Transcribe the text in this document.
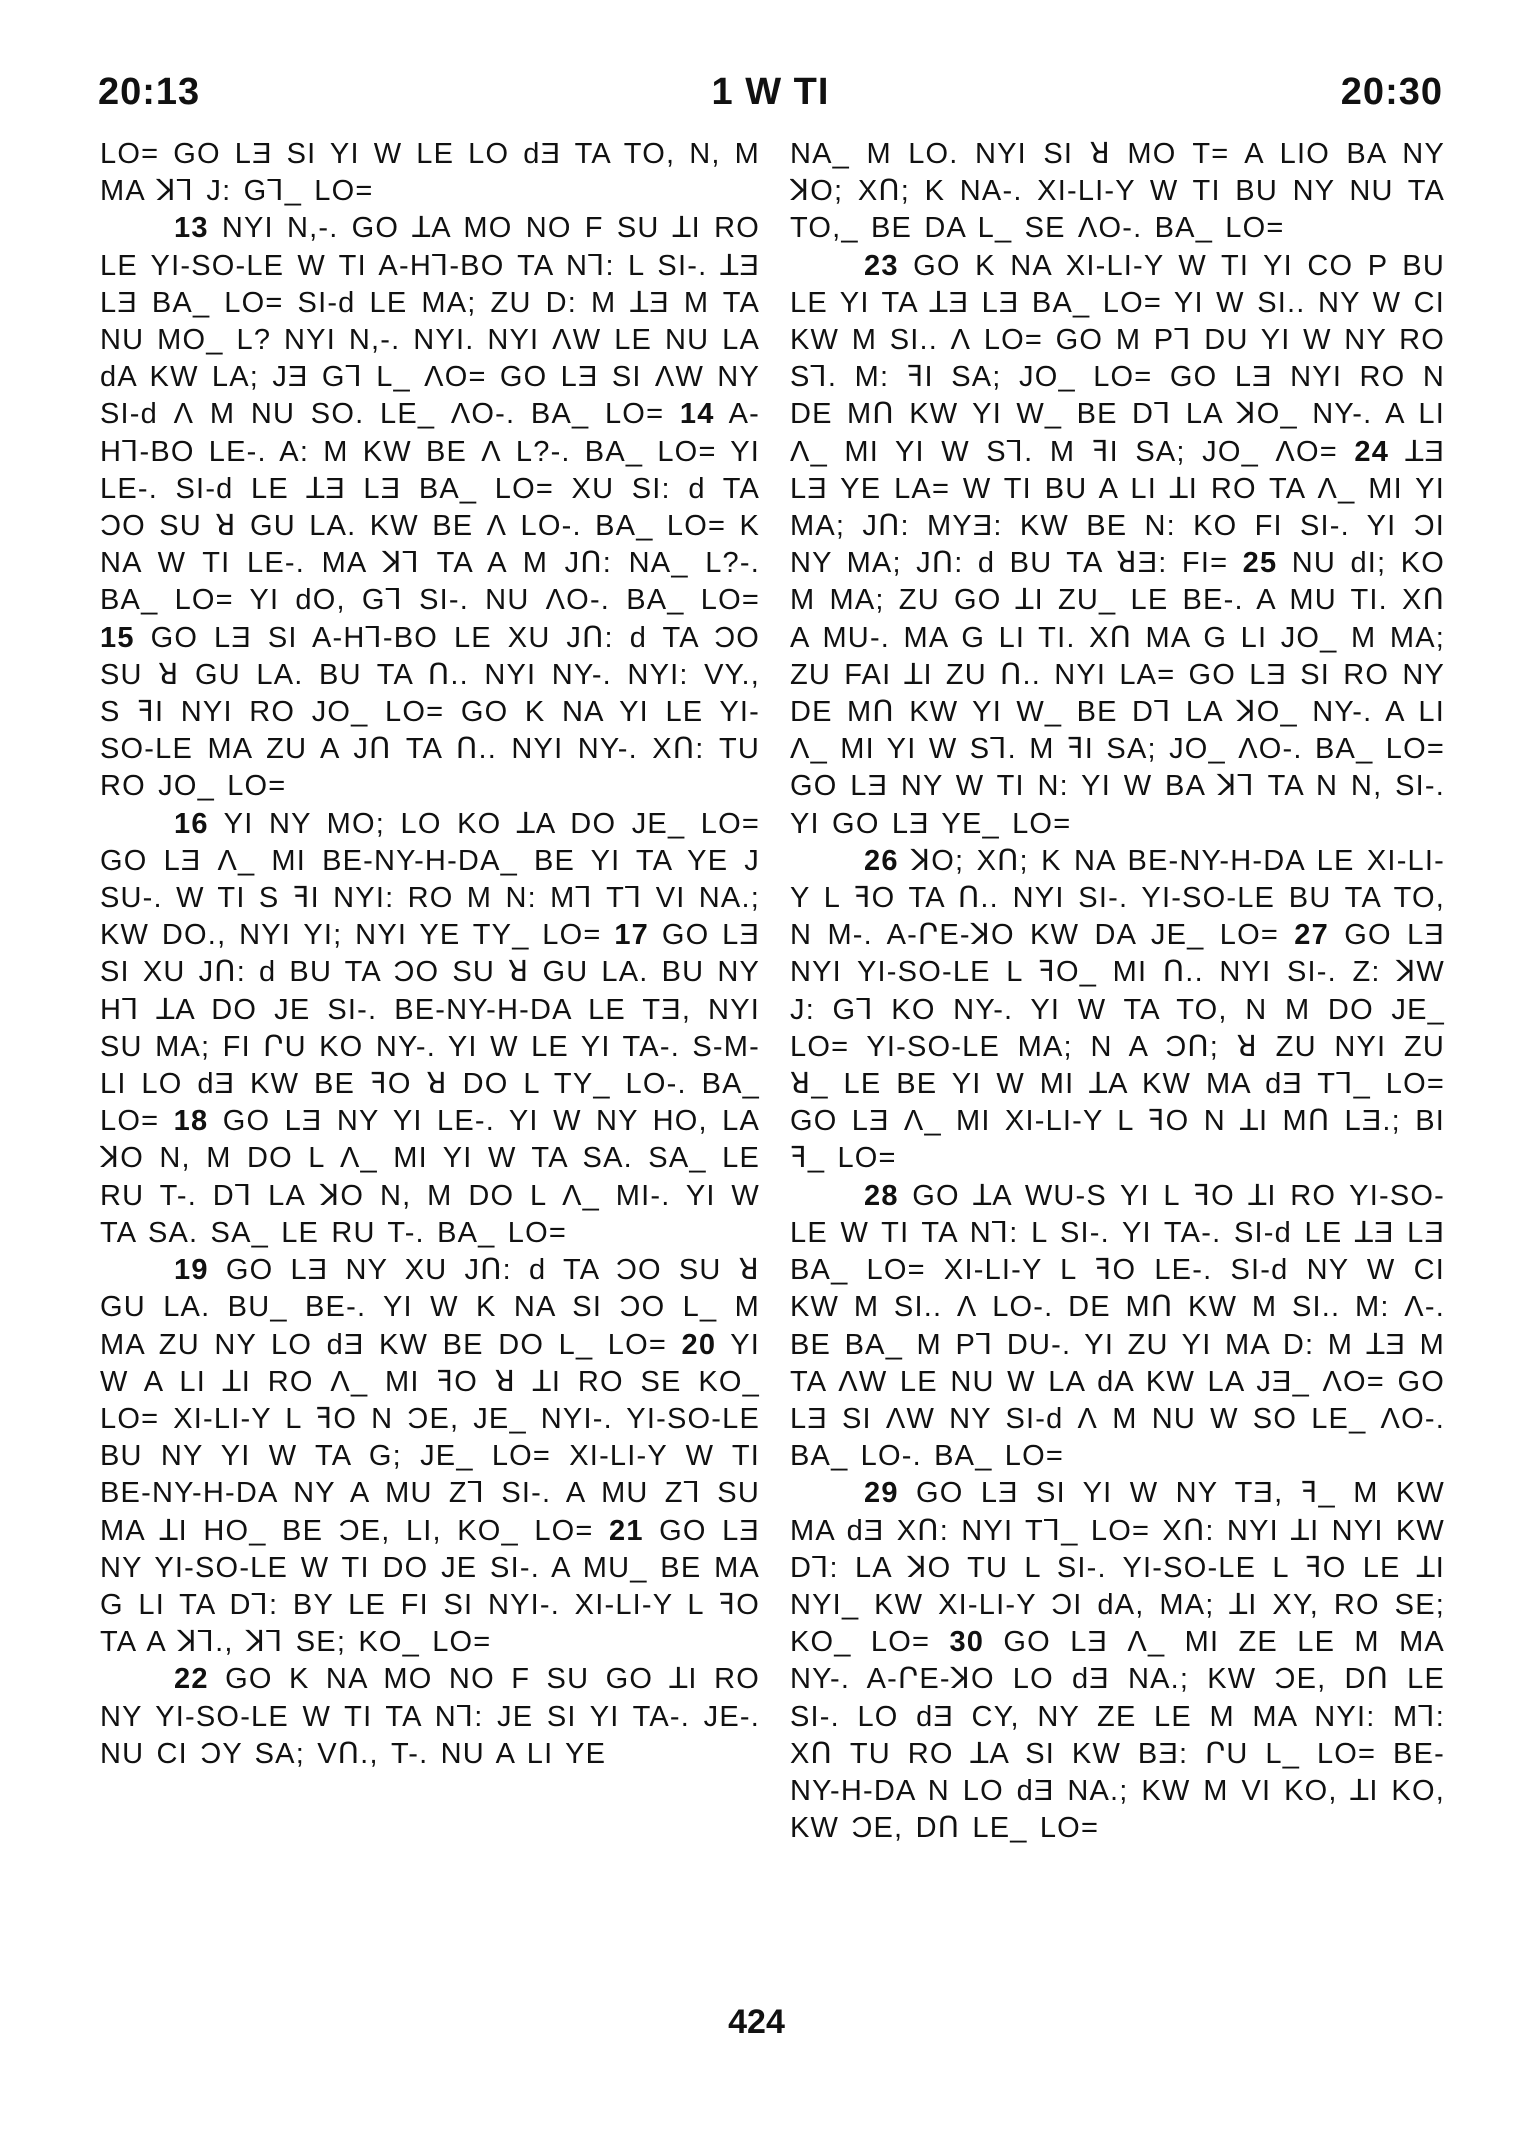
20:13	1 W TI	20:30

LO= GO LƎ SI YI W LE LO dƎ TA TO, N, M MA ꓘꓶ J: Gꓶ_ LO=

13 NYI N,-. GO ꓕA MO NO F SU ꓕI RO LE YI-SO-LE W TI A-Hꓶ-BO TA Nꓶ: L SI-. ꓕƎ LƎ BA_ LO= SI-d LE MA; ZU D: M ꓕƎ M TA NU MO_ L? NYI N,-. NYI. NYI ɅW LE NU LA dA KW LA; JƎ Gꓶ L_ ɅO= GO LƎ SI ɅW NY SI-d Ʌ M NU SO. LE_ ɅO-. BA_ LO= 14 A-Hꓶ-BO LE-. A: M KW BE Ʌ L?-. BA_ LO= YI LE-. SI-d LE ꓕƎ LƎ BA_ LO= XU SI: d TA ƆO SU ꓤ GU LA. KW BE Ʌ LO-. BA_ LO= K NA W TI LE-. MA ꓘꓶ TA A M JՈ: NA_ L?-. BA_ LO= YI dO, Gꓶ SI-. NU ɅO-. BA_ LO= 15 GO LƎ SI A-Hꓶ-BO LE XU JՈ: d TA ƆO SU ꓤ GU LA. BU TA Ո.. NYI NY-. NYI: VY., S ꟻI NYI RO JO_ LO= GO K NA YI LE YI-SO-LE MA ZU A JՈ TA Ո.. NYI NY-. XՈ: TU RO JO_ LO=

16 YI NY MO; LO KO ꓕA DO JE_ LO= GO LƎ Ʌ_ MI BE-NY-H-DA_ BE YI TA YE J SU-. W TI S ꟻI NYI: RO M N: Mꓶ Tꓶ VI NA.; KW DO., NYI YI; NYI YE TY_ LO= 17 GO LƎ SI XU JՈ: d BU TA ƆO SU ꓤ GU LA. BU NY Hꓶ ꓕA DO JE SI-. BE-NY-H-DA LE TƎ, NYI SU MA; FI ՐU KO NY-. YI W LE YI TA-. S-M-LI LO dƎ KW BE ꟻO ꓤ DO L TY_ LO-. BA_ LO= 18 GO LƎ NY YI LE-. YI W NY HO, LA ꓘO N, M DO L Ʌ_ MI YI W TA SA. SA_ LE RU T-. Dꓶ LA ꓘO N, M DO L Ʌ_ MI-. YI W TA SA. SA_ LE RU T-. BA_ LO=

19 GO LƎ NY XU JՈ: d TA ƆO SU ꓤ GU LA. BU_ BE-. YI W K NA SI ƆO L_ M MA ZU NY LO dƎ KW BE DO L_ LO= 20 YI W A LI ꓕI RO Ʌ_ MI ꟻO ꓤ ꓕI RO SE KO_ LO= XI-LI-Y L ꟻO N ƆE, JE_ NYI-. YI-SO-LE BU NY YI W TA G; JE_ LO= XI-LI-Y W TI BE-NY-H-DA NY A MU Zꓶ SI-. A MU Zꓶ SU MA ꓕI HO_ BE ƆE, LI, KO_ LO= 21 GO LƎ NY YI-SO-LE W TI DO JE SI-. A MU_ BE MA G LI TA Dꓶ: BY LE FI SI NYI-. XI-LI-Y L ꟻO TA A ꓘꓶ., ꓘꓶ SE; KO_ LO=

22 GO K NA MO NO F SU GO ꓕI RO NY YI-SO-LE W TI TA Nꓶ: JE SI YI TA-. JE-. NU CI ƆY SA; VՈ., T-. NU A LI YE

NA_ M LO. NYI SI ꓤ MO T= A LIO BA NY ꓘO; XՈ; K NA-. XI-LI-Y W TI BU NY NU TA TO,_ BE DA L_ SE ɅO-. BA_ LO=

23 GO K NA XI-LI-Y W TI YI CO P BU LE YI TA ꓕƎ LƎ BA_ LO= YI W SI.. NY W CI KW M SI.. Ʌ LO= GO M Pꓶ DU YI W NY RO Sꓶ. M: ꟻI SA; JO_ LO= GO LƎ NYI RO N DE MՈ KW YI W_ BE Dꓶ LA ꓘO_ NY-. A LI Ʌ_ MI YI W Sꓶ. M ꟻI SA; JO_ ɅO= 24 ꓕƎ LƎ YE LA= W TI BU A LI ꓕI RO TA Ʌ_ MI YI MA; JՈ: MYƎ: KW BE N: KO FI SI-. YI ƆI NY MA; JՈ: d BU TA ꓤƎ: FI= 25 NU dI; KO M MA; ZU GO ꓕI ZU_ LE BE-. A MU TI. XՈ A MU-. MA G LI TI. XՈ MA G LI JO_ M MA; ZU FAI ꓕI ZU Ո.. NYI LA= GO LƎ SI RO NY DE MՈ KW YI W_ BE Dꓶ LA ꓘO_ NY-. A LI Ʌ_ MI YI W Sꓶ. M ꟻI SA; JO_ ɅO-. BA_ LO= GO LƎ NY W TI N: YI W BA ꓘꓶ TA N N, SI-. YI GO LƎ YE_ LO=

26 ꓘO; XՈ; K NA BE-NY-H-DA LE XI-LI-Y L ꟻO TA Ո.. NYI SI-. YI-SO-LE BU TA TO, N M-. A-ՐE-ꓘO KW DA JE_ LO= 27 GO LƎ NYI YI-SO-LE L ꟻO_ MI Ո.. NYI SI-. Z: ꓘW J: Gꓶ KO NY-. YI W TA TO, N M DO JE_ LO= YI-SO-LE MA; N A ƆՈ; ꓤ ZU NYI ZU ꓤ_ LE BE YI W MI ꓕA KW MA dƎ Tꓶ_ LO= GO LƎ Ʌ_ MI XI-LI-Y L ꟻO N ꓕI MՈ LƎ.; BI ꟻ_ LO=

28 GO ꓕA WU-S YI L ꟻO ꓕI RO YI-SO-LE W TI TA Nꓶ: L SI-. YI TA-. SI-d LE ꓕƎ LƎ BA_ LO= XI-LI-Y L ꟻO LE-. SI-d NY W CI KW M SI.. Ʌ LO-. DE MՈ KW M SI.. M: Ʌ-. BE BA_ M Pꓶ DU-. YI ZU YI MA D: M ꓕƎ M TA ɅW LE NU W LA dA KW LA JƎ_ ɅO= GO LƎ SI ɅW NY SI-d Ʌ M NU W SO LE_ ɅO-. BA_ LO-. BA_ LO=

29 GO LƎ SI YI W NY TƎ, ꟻ_ M KW MA dƎ XՈ: NYI Tꓶ_ LO= XՈ: NYI ꓕI NYI KW Dꓶ: LA ꓘO TU L SI-. YI-SO-LE L ꟻO LE ꓕI NYI_ KW XI-LI-Y ƆI dA, MA; ꓕI XY, RO SE; KO_ LO= 30 GO LƎ Ʌ_ MI ZE LE M MA NY-. A-ՐE-ꓘO LO dƎ NA.; KW ƆE, DՈ LE SI-. LO dƎ CY, NY ZE LE M MA NYI: Mꓶ: XՈ TU RO ꓕA SI KW BƎ: ՐU L_ LO= BE-NY-H-DA N LO dƎ NA.; KW M VI KO, ꓕI KO, KW ƆE, DՈ LE_ LO=

424
